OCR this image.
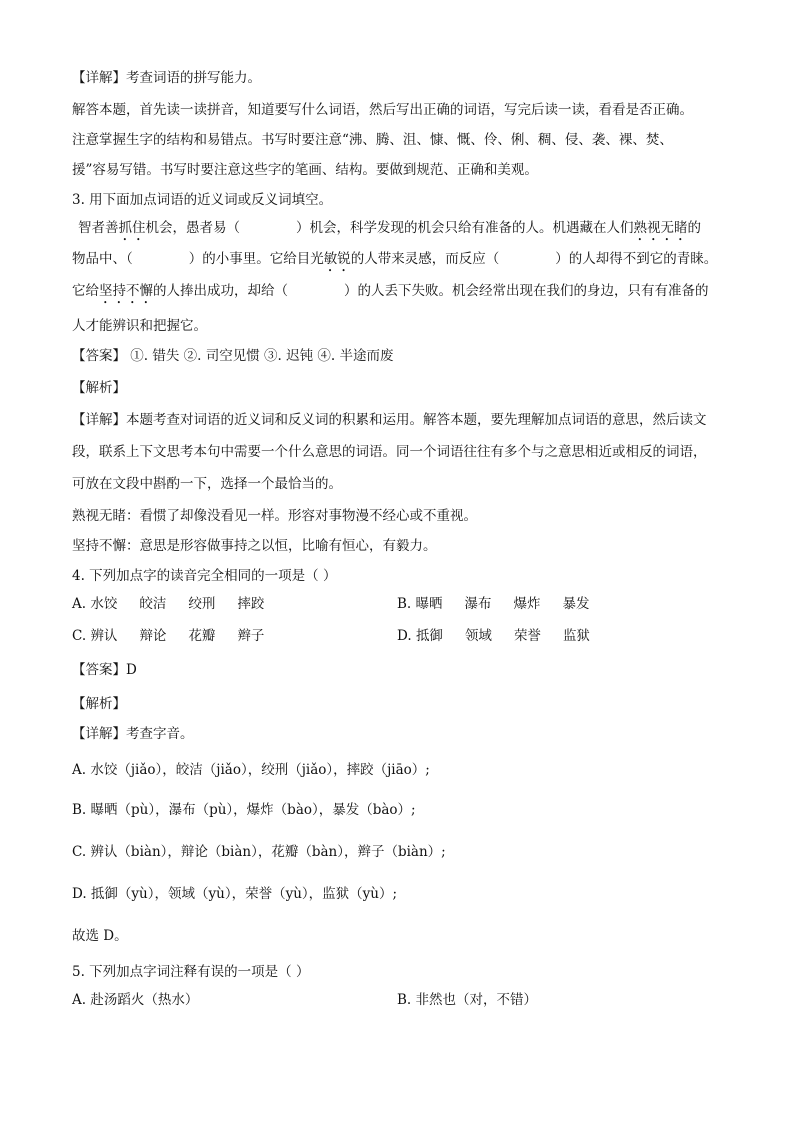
【详解】考查词语的拼写能力。
解答本题，首先读一读拼音，知道要写什么词语，然后写出正确的词语，写完后读一读，看看是否正确。
注意掌握生字的结构和易错点。书写时要注意“沸、腾、沮、慷、慨、伶、俐、稠、侵、袭、裸、焚、
援”容易写错。书写时要注意这些字的笔画、结构。要做到规范、正确和美观。
3. 用下面加点词语的近义词或反义词填空。
智者善抓住机会，愚者易（	）机会，科学发现的机会只给有准备的人。机遇藏在人们熟视无睹的
物品中、（	）的小事里。它给目光敏锐的人带来灵感，而反应（	）的人却得不到它的青睐。
它给坚持不懈的人捧出成功，却给（	）的人丢下失败。机会经常出现在我们的身边，只有有准备的
人才能辨识和把握它。
【答案】 ①. 错失 ②. 司空见惯 ③. 迟钝 ④. 半途而废
【解析】
【详解】本题考查对词语的近义词和反义词的积累和运用。解答本题，要先理解加点词语的意思，然后读文
段，联系上下文思考本句中需要一个什么意思的词语。同一个词语往往有多个与之意思相近或相反的词语，
可放在文段中斟酌一下，选择一个最恰当的。
熟视无睹：看惯了却像没看见一样。形容对事物漫不经心或不重视。
坚持不懈：意思是形容做事持之以恒，比喻有恒心，有毅力。
4. 下列加点字的读音完全相同的一项是（ ）
A. 水饺 皎洁 绞刑 摔跤	B. 曝晒 瀑布 爆炸 暴发
C. 辨认 辩论 花瓣 辫子	D. 抵御 领域 荣誉 监狱
【答案】D
【解析】
【详解】考查字音。
A. 水饺（jiǎo），皎洁（jiǎo），绞刑（jiǎo），摔跤（jiāo）;
B. 曝晒（pù），瀑布（pù），爆炸（bào），暴发（bào）;
C. 辨认（biàn），辩论（biàn），花瓣（bàn），辫子（biàn）;
D. 抵御（yù），领域（yù），荣誉（yù），监狱（yù）;
故选 D。
5. 下列加点字词注释有误的一项是（ ）
A. 赴汤蹈火（热水）	B. 非然也（对，不错）
